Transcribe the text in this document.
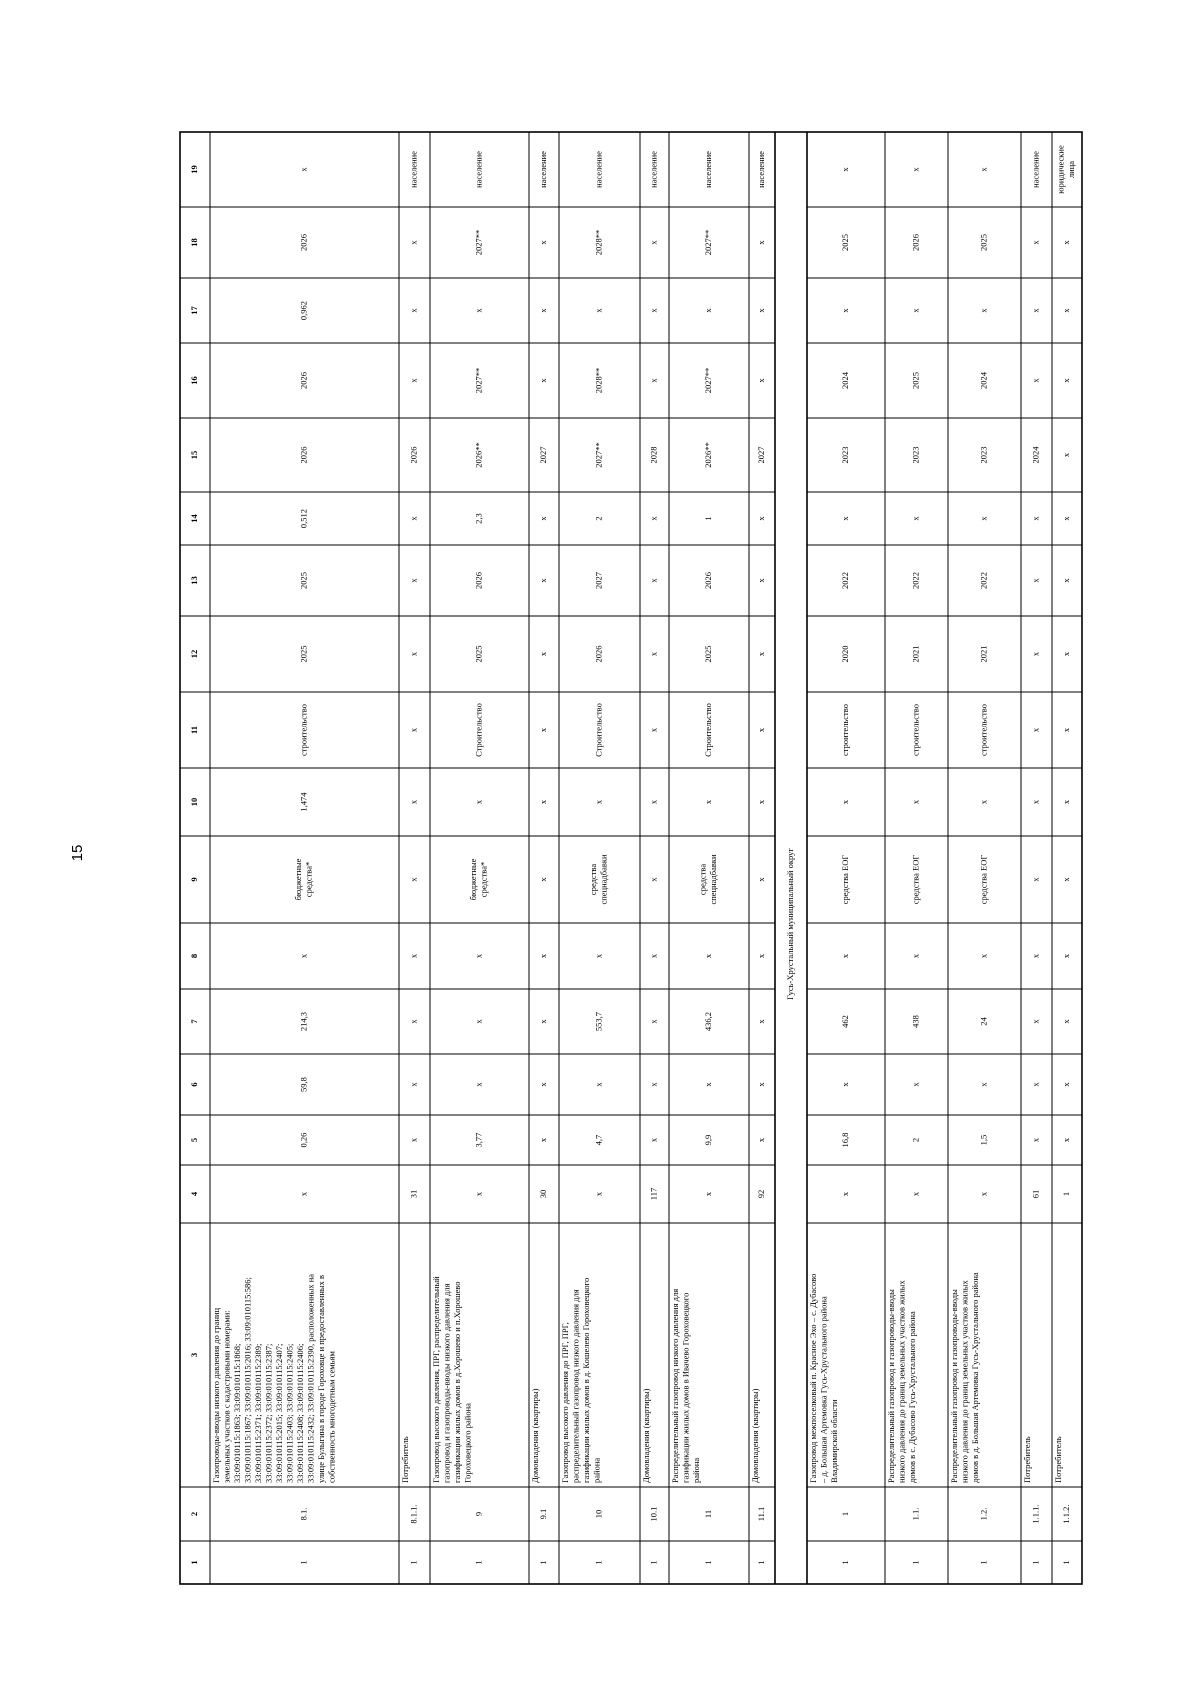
15
1
2
3
4
5
6
7
8
9
10
11
12
13
14
15
16
17
18
19	x
2026
0,962
2026
2026
0,512
2025
2025
строительство
1,474
бюджетные средства*
x
214,3
59,8
0,26
x
Газопроводы-вводы низкого давления до границ земельных участков с кадастровыми номерами: 33:09:010115:1863; 33:09:010115:1868; 33:09:010115:1867; 33:09:010115:2016; 33:09:010115:586; 33:09:010115:2371; 33:09:010115:2389; 33:09:010115:2372; 33:09:010115:2387; 33:09:010115:2015; 33:09:010115:2407; 33:09:010115:2403; 33:09:010115:2405; 33:09:010115:2408; 33:09:010115:2406; 33:09:010115:2432; 33:09:010115:2390, расположенных на улице Булыгина в городе Гороховце и предоставленных в собственность многодетным семьям
8.1.
1
население
x
x
x
2026
x
x
x
x
x
x
x
x
x
x
31
Потребитель
8.1.1.
1
население
2027**
x
2027**
2026**
2,3
2026
2025
Строительство
x
бюджетные средства*
x
x
x
3,77
x
Газопровод высокого давления, ПРГ, распределительный газопровод и газопроводы-вводы низкого давления для газификации жилых домов в д.Хорошево и п.Хорошево Гороховецкого района
9
1
население
x
x
x
2027
x
x
x
x
x
x
x
x
x
x
30
Домовладения (квартиры)
9.1
1
население
2028**
x
2028**
2027**
2
2027
2026
Строительство
x
средства спецнадбавки
x
553,7
x
4,7
x
Газопровод высокого давления до ПРГ, ПРГ, распределительный газопровод низкого давления для газификации жилых домов в д. Кошелево Гороховецкого района
10
1
население
x
x
x
2028
x
x
x
x
x
x
x
x
x
x
117
Домовладения (квартиры)
10.1
1
население
2027**
x
2027**
2026**
1
2026
2025
Строительство
x
средства спецнадбавки
x
436,2
x
9,9
x
Распределительный газопровод низкого давления для газификации жилых домов в Ивачево Гороховецкого района
11
1
население
x
x
x
2027
x
x
x
x
x
x
x
x
x
x
92
Домовладения (квартиры)
11.1
1
x
2025
x
2024
2023
x
2022
2020
строительство
x
средства ЕОГ
x
462
x
16,8
x
Газопровод межпоселковый п. Красное Эхо – с. Дубасово – д. Большая Артемовка Гусь-Хрустального района Владимирской области
1
1
x
2026
x
2025
2023
x
2022
2021
строительство
x
средства ЕОГ
x
438
x
2
x
Распределительный газопровод и газопроводы-вводы низкого давления до границ земельных участков жилых домов в с. Дубасово Гусь-Хрустального района
1.1.
1
x
2025
x
2024
2023
x
2022
2021
строительство
x
средства ЕОГ
x
24
x
1,5
x
Распределительный газопровод и газопроводы-вводы низкого давления до границ земельных участков жилых домов в д. Большая Артемовка Гусь-Хрустального района
1.2.
1
население
x
x
x
2024
x
x
x
x
x
x
x
x
x
x
61
Потребитель
1.1.1.
1
юридические лица
x
x
x
x
x
x
x
x
x
x
x
x
x
x
1
Потребитель
1.1.2.
1
Гусь-Хрустальный муниципальный округ
